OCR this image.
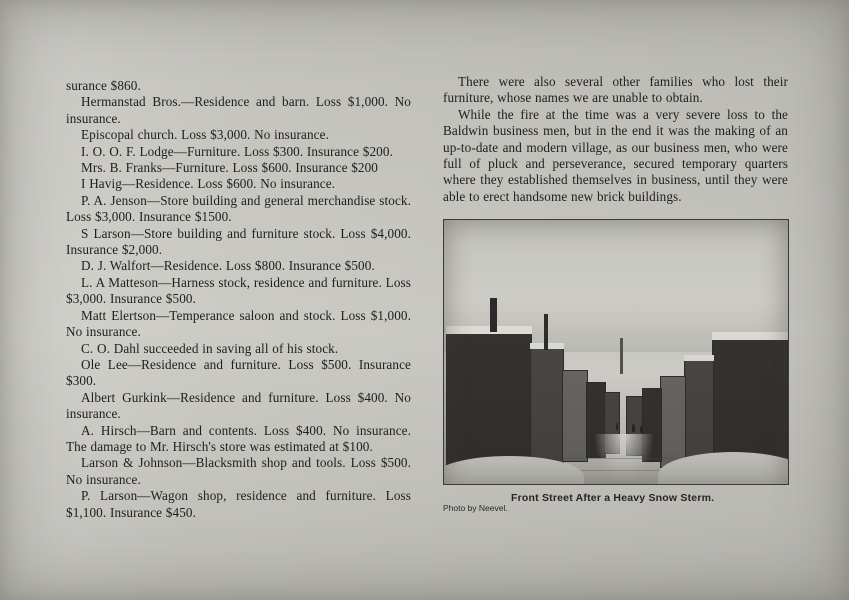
surance $860.

Hermanstad Bros.—Residence and barn. Loss $1,000. No insurance.

Episcopal church. Loss $3,000. No insurance.

I. O. O. F. Lodge—Furniture. Loss $300. Insurance $200.

Mrs. B. Franks—Furniture. Loss $600. Insurance $200

I Havig—Residence. Loss $600. No insurance.

P. A. Jenson—Store building and general merchandise stock. Loss $3,000. Insurance $1500.

S Larson—Store building and furniture stock. Loss $4,000. Insurance $2,000.

D. J. Walfort—Residence. Loss $800. Insurance $500.

L. A Matteson—Harness stock, residence and furniture. Loss $3,000. Insurance $500.

Matt Elertson—Temperance saloon and stock. Loss $1,000. No insurance.

C. O. Dahl succeeded in saving all of his stock.

Ole Lee—Residence and furniture. Loss $500. Insurance $300.

Albert Gurkink—Residence and furniture. Loss $400. No insurance.

A. Hirsch—Barn and contents. Loss $400. No insurance. The damage to Mr. Hirsch's store was estimated at $100.

Larson & Johnson—Blacksmith shop and tools. Loss $500. No insurance.

P. Larson—Wagon shop, residence and furniture. Loss $1,100. Insurance $450.

There were also several other families who lost their furniture, whose names we are unable to obtain.

While the fire at the time was a very severe loss to the Baldwin business men, but in the end it was the making of an up-to-date and modern village, as our business men, who were full of pluck and perseverance, secured temporary quarters where they established themselves in business, until they were able to erect handsome new brick buildings.

Front Street After a Heavy Snow Sterm.
Photo by Neevel.
